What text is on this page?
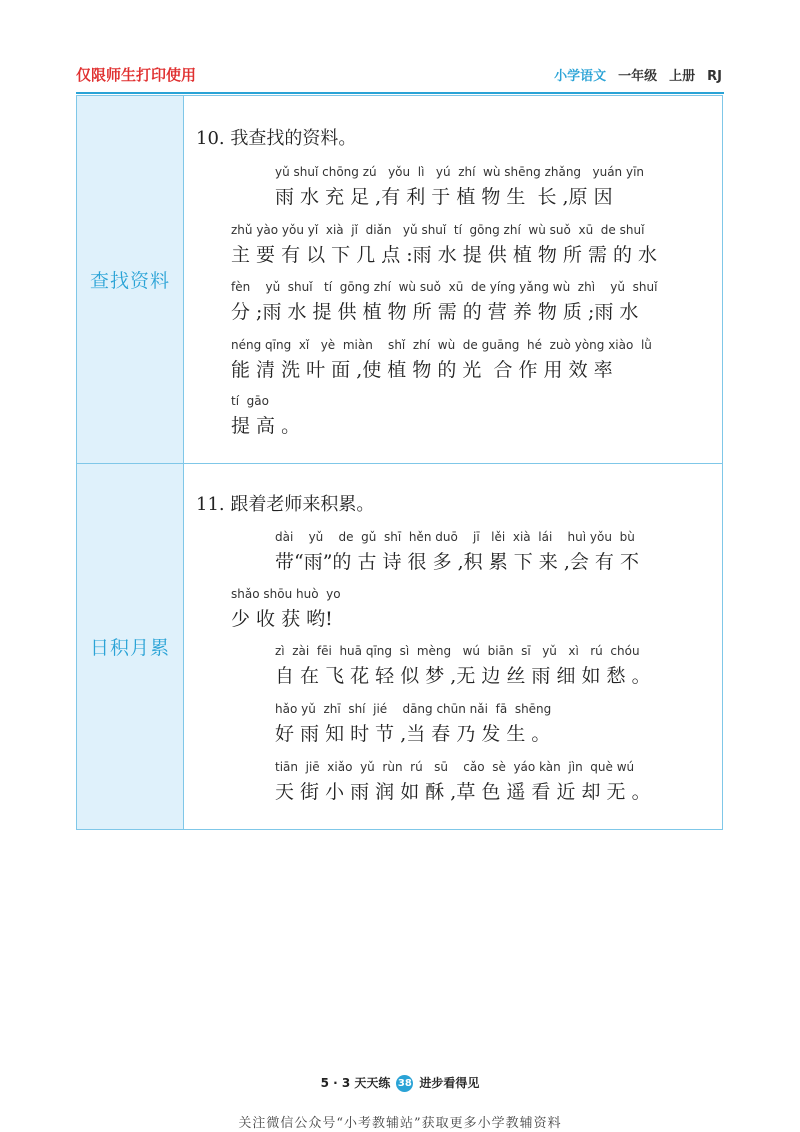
仅限师生打印使用	小学语文 一年级 上册 RJ
查找资料
10. 我查找的资料。
yǔ shuǐ chōng zú   yǒu  lì   yú  zhí  wù shēng zhǎng   yuán yīn
雨 水 充 足 ,有 利 于 植 物 生  长 ,原 因
zhǔ yào yǒu yǐ  xià  jǐ  diǎn   yǔ shuǐ  tí  gōng zhí  wù suǒ  xū  de shuǐ
主 要 有 以 下 几 点 :雨 水 提 供 植 物 所 需 的 水
fèn    yǔ  shuǐ   tí  gōng zhí  wù suǒ  xū  de yíng yǎng wù  zhì    yǔ  shuǐ
分 ;雨 水 提 供 植 物 所 需 的 营 养 物 质 ;雨 水
néng qīng  xǐ   yè  miàn    shǐ  zhí  wù  de guāng  hé  zuò yòng xiào  lǜ
能 清 洗 叶 面 ,使 植 物 的 光  合 作 用 效 率
tí  gāo
提 高 。
日积月累
11. 跟着老师来积累。
dài    yǔ    de  gǔ  shī  hěn duō    jī   lěi  xià  lái    huì yǒu  bù
带“雨”的 古 诗 很 多 ,积 累 下 来 ,会 有 不
shǎo shōu huò  yo
少 收 获 哟!
zì  zài  fēi  huā qīng  sì  mèng   wú  biān  sī   yǔ   xì   rú  chóu
自 在 飞 花 轻 似 梦 ,无 边 丝 雨 细 如 愁 。
hǎo yǔ  zhī  shí  jié    dāng chūn nǎi  fā  shēng
好 雨 知 时 节 ,当 春 乃 发 生 。
tiān  jiē  xiǎo  yǔ  rùn  rú   sū    cǎo  sè  yáo kàn  jìn  què wú
天 街 小 雨 润 如 酥 ,草 色 遥 看 近 却 无 。
5 · 3 天天练 38 进步看得见
关注微信公众号“小考教辅站”获取更多小学教辅资料
